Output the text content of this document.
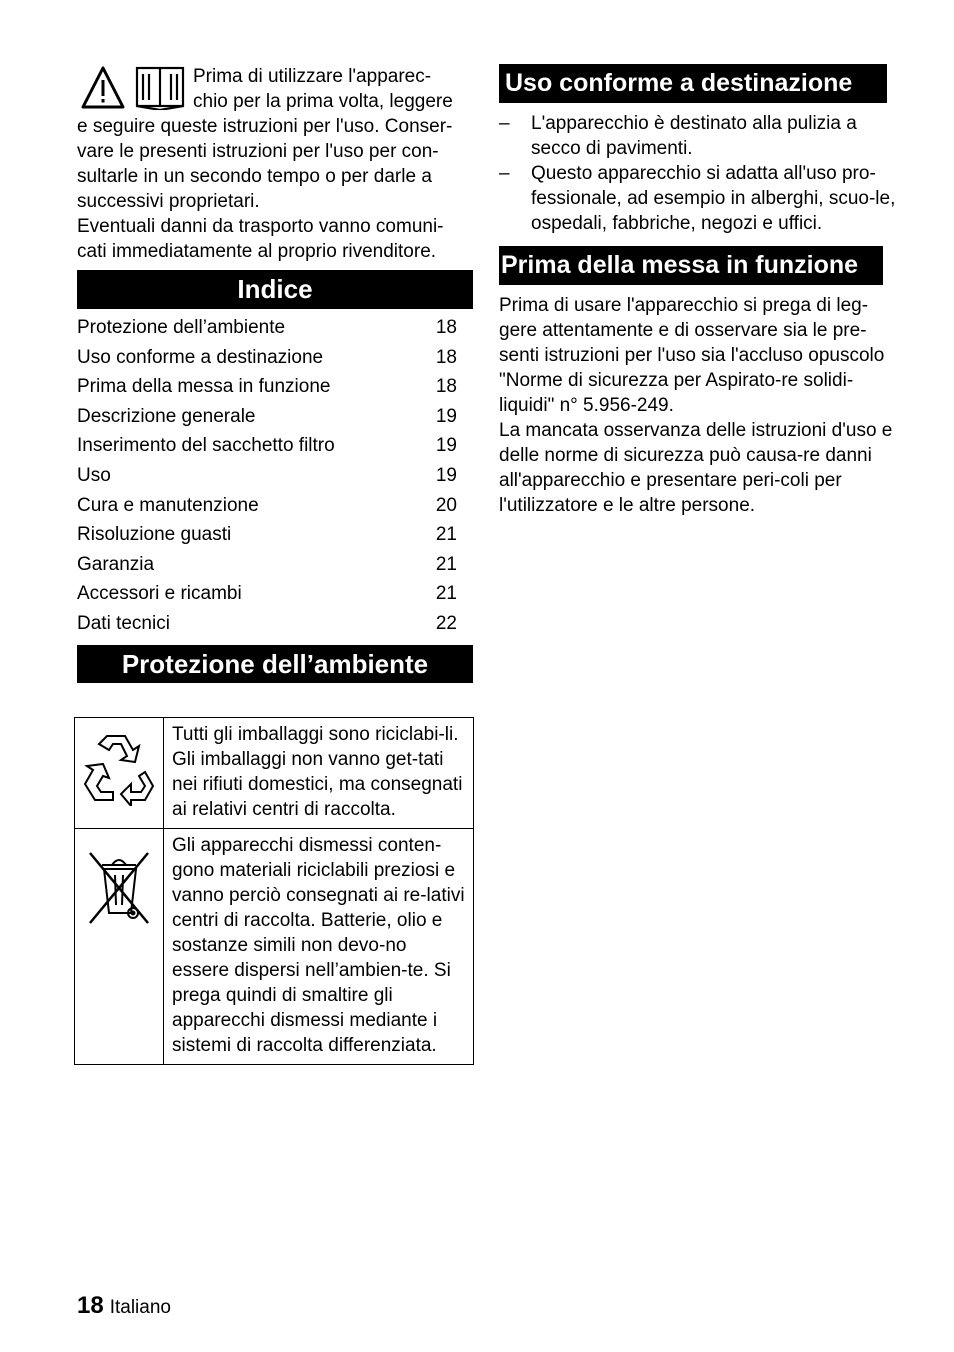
Prima di utilizzare l'apparec-

chio per la prima volta, leggere

e seguire queste istruzioni per l'uso. Conser-vare le presenti istruzioni per l'uso per con-sultarle in un secondo tempo o per darle a successivi proprietari.

Eventuali danni da trasporto vanno comuni-cati immediatamente al proprio rivenditore.

Indice
Protezione dell’ambiente	18
Uso conforme a destinazione	18
Prima della messa in funzione	18
Descrizione generale	19
Inserimento del sacchetto filtro	19
Uso	19
Cura e manutenzione	20
Risoluzione guasti	21
Garanzia	21
Accessori e ricambi	21
Dati tecnici	22
Protezione dell’ambiente
	Tutti gli imballaggi sono riciclabi-li. Gli imballaggi non vanno get-tati nei rifiuti domestici, ma consegnati ai relativi centri di raccolta.
	Gli apparecchi dismessi conten-gono materiali riciclabili preziosi e vanno perciò consegnati ai re-lativi centri di raccolta. Batterie, olio e sostanze simili non devo-no essere dispersi nell’ambien-te. Si prega quindi di smaltire gli apparecchi dismessi mediante i sistemi di raccolta differenziata.
Uso conforme a destinazione
– L'apparecchio è destinato alla pulizia a secco di pavimenti.
– Questo apparecchio si adatta all'uso pro-fessionale, ad esempio in alberghi, scuo-le, ospedali, fabbriche, negozi e uffici.
Prima della messa in funzione

Prima di usare l'apparecchio si prega di leg-gere attentamente e di osservare sia le pre-senti istruzioni per l'uso sia l'accluso opuscolo "Norme di sicurezza per Aspirato-re solidi-liquidi" n° 5.956-249.

La mancata osservanza delle istruzioni d'uso e delle norme di sicurezza può causa-re danni all'apparecchio e presentare peri-coli per l'utilizzatore e le altre persone.

18 Italiano
